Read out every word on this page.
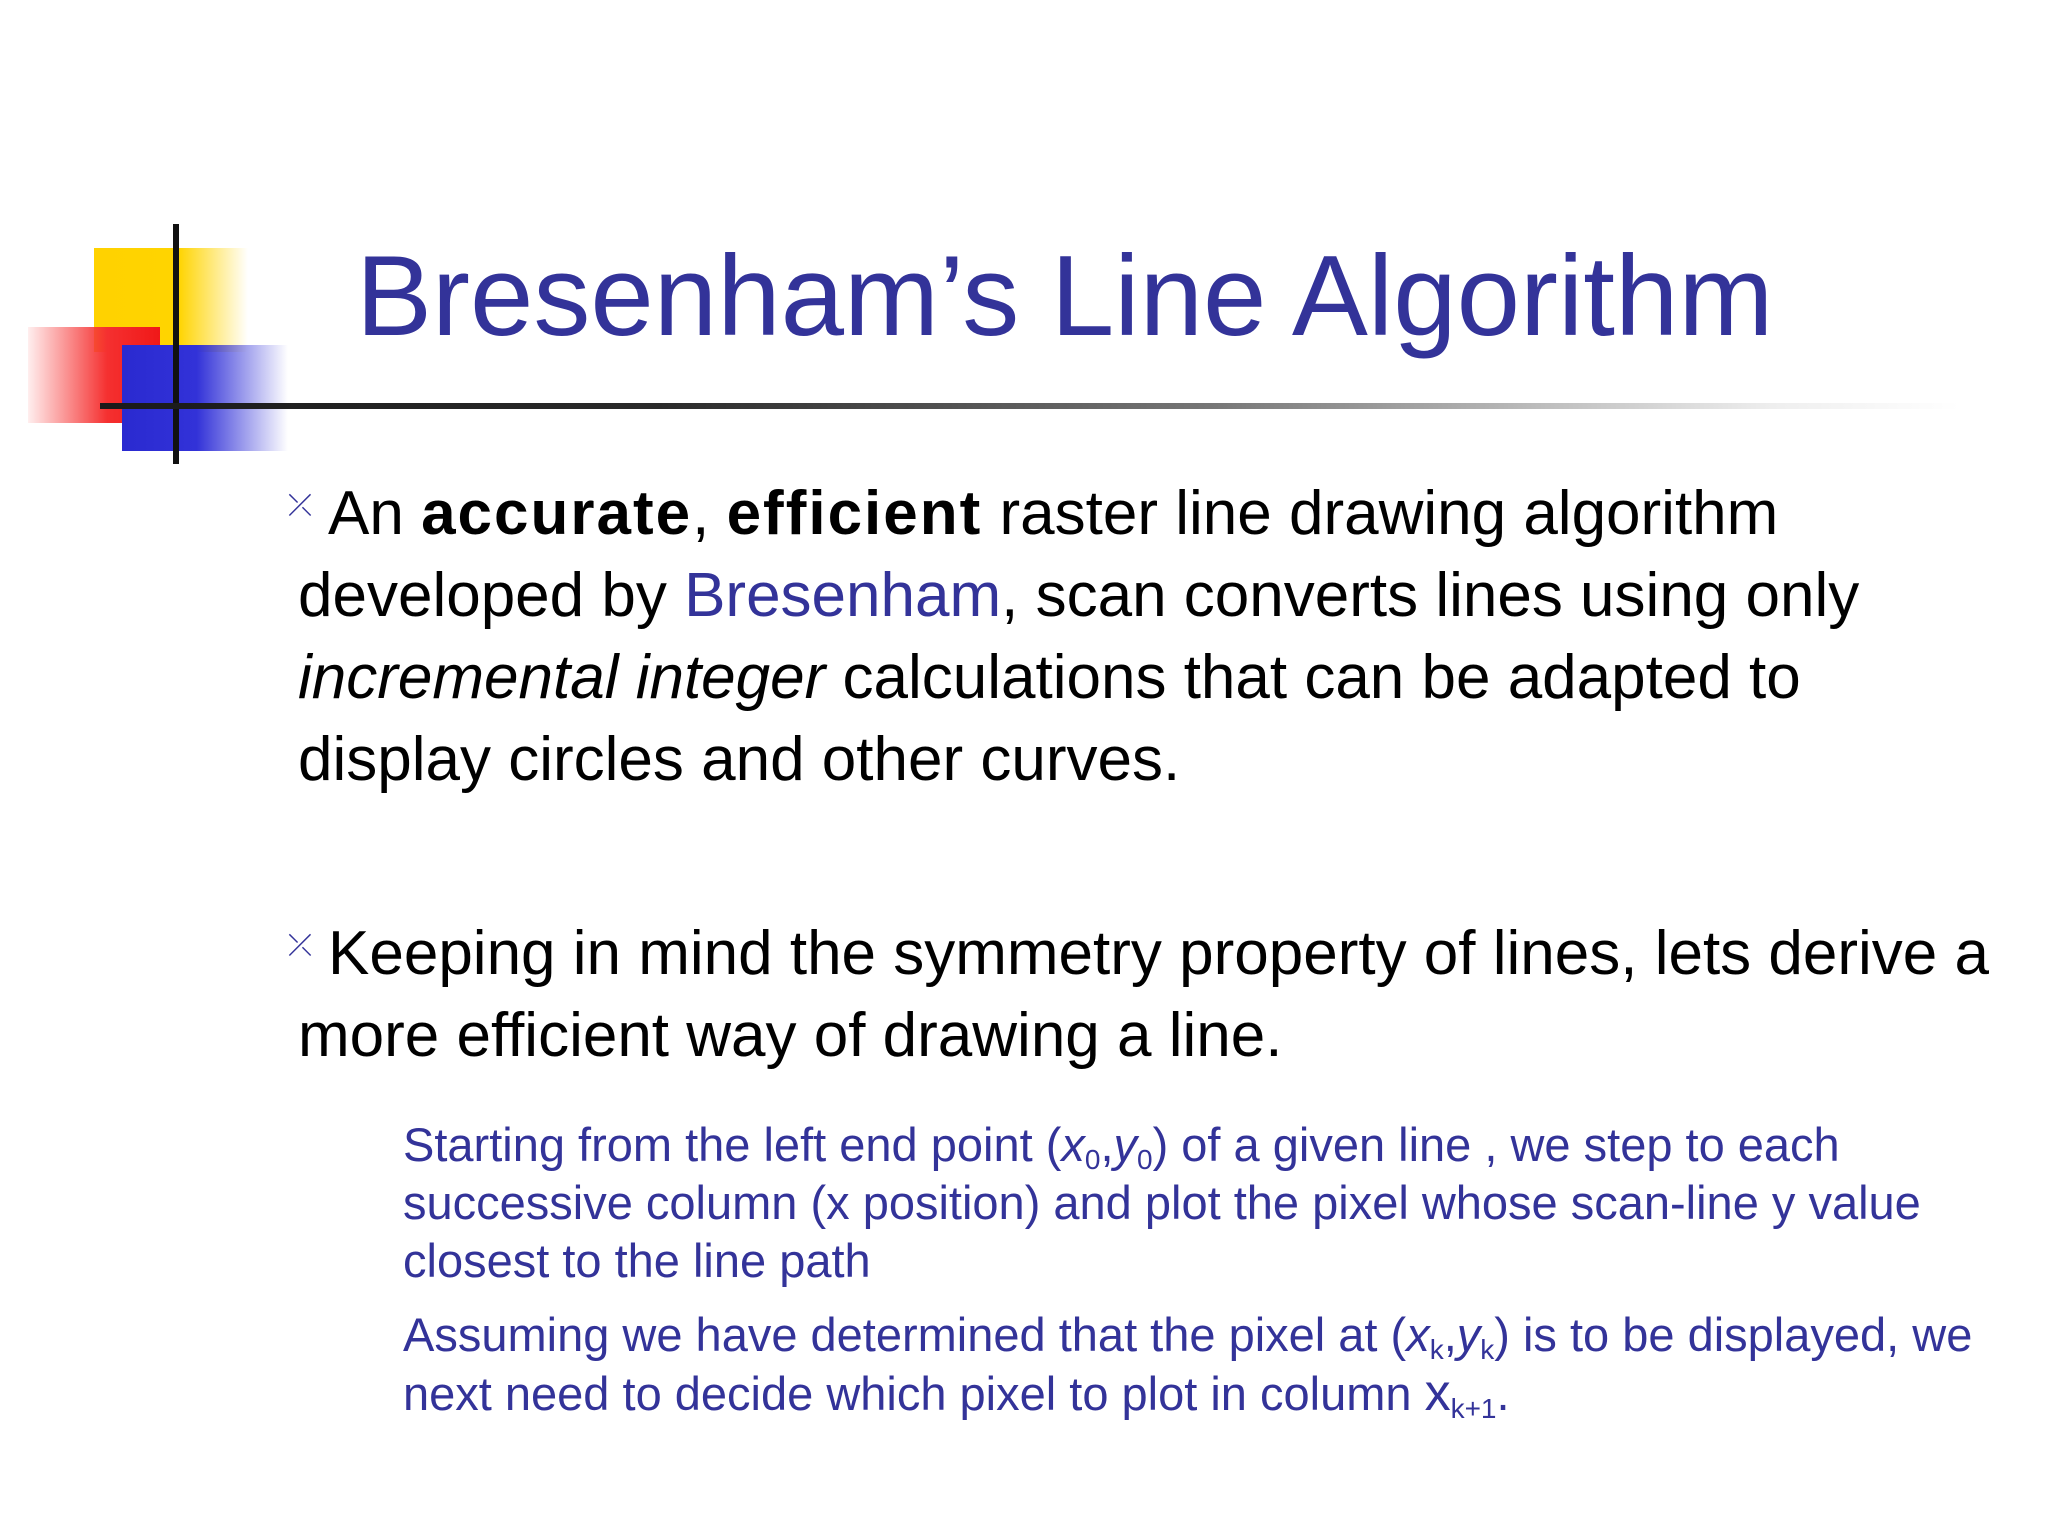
Bresenham’s Line Algorithm
⤫ An accurate, efficient raster line drawing algorithm developed by Bresenham, scan converts lines using only incremental integer calculations that can be adapted to display circles and other curves.
⤫ Keeping in mind the symmetry property of lines, lets derive a more efficient way of drawing a line.
Starting from the left end point $(x_0,y_0)$ of a given line , we step to each successive column (x position) and plot the pixel whose scan-line y value closest to the line path
Assuming we have determined that the pixel at $(x_k,y_k)$ is to be displayed, we next need to decide which pixel to plot in column $x_{k+1}$.
